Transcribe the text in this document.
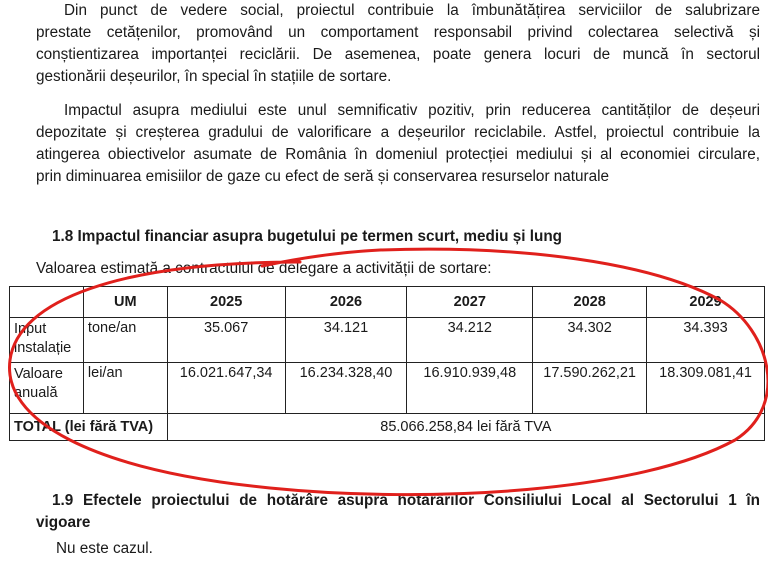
Din punct de vedere social, proiectul contribuie la îmbunătățirea serviciilor de salubrizare
prestate cetățenilor, promovând un comportament responsabil privind colectarea selectivă și
conștientizarea importanței reciclării. De asemenea, poate genera locuri de muncă în sectorul
gestionării deșeurilor, în special în stațiile de sortare.
Impactul asupra mediului este unul semnificativ pozitiv, prin reducerea cantităților de deșeuri
depozitate și creșterea gradului de valorificare a deșeurilor reciclabile. Astfel, proiectul contribuie la
atingerea obiectivelor asumate de România în domeniul protecției mediului și al economiei circulare,
prin diminuarea emisiilor de gaze cu efect de seră și conservarea resurselor naturale
1.8 Impactul financiar asupra bugetului pe termen scurt, mediu și lung
Valoarea estimată a contractului de delegare a activității de sortare:
	UM	2025	2026	2027	2028	2029
Input instalație	tone/an	35.067	34.121	34.212	34.302	34.393
Valoare anuală	lei/an	16.021.647,34	16.234.328,40	16.910.939,48	17.590.262,21	18.309.081,41
TOTAL (lei fără TVA)		85.066.258,84 lei fără TVA				
1.9 Efectele proiectului de hotărâre asupra hotărârilor Consiliului Local al Sectorului 1 în
vigoare
Nu este cazul.
